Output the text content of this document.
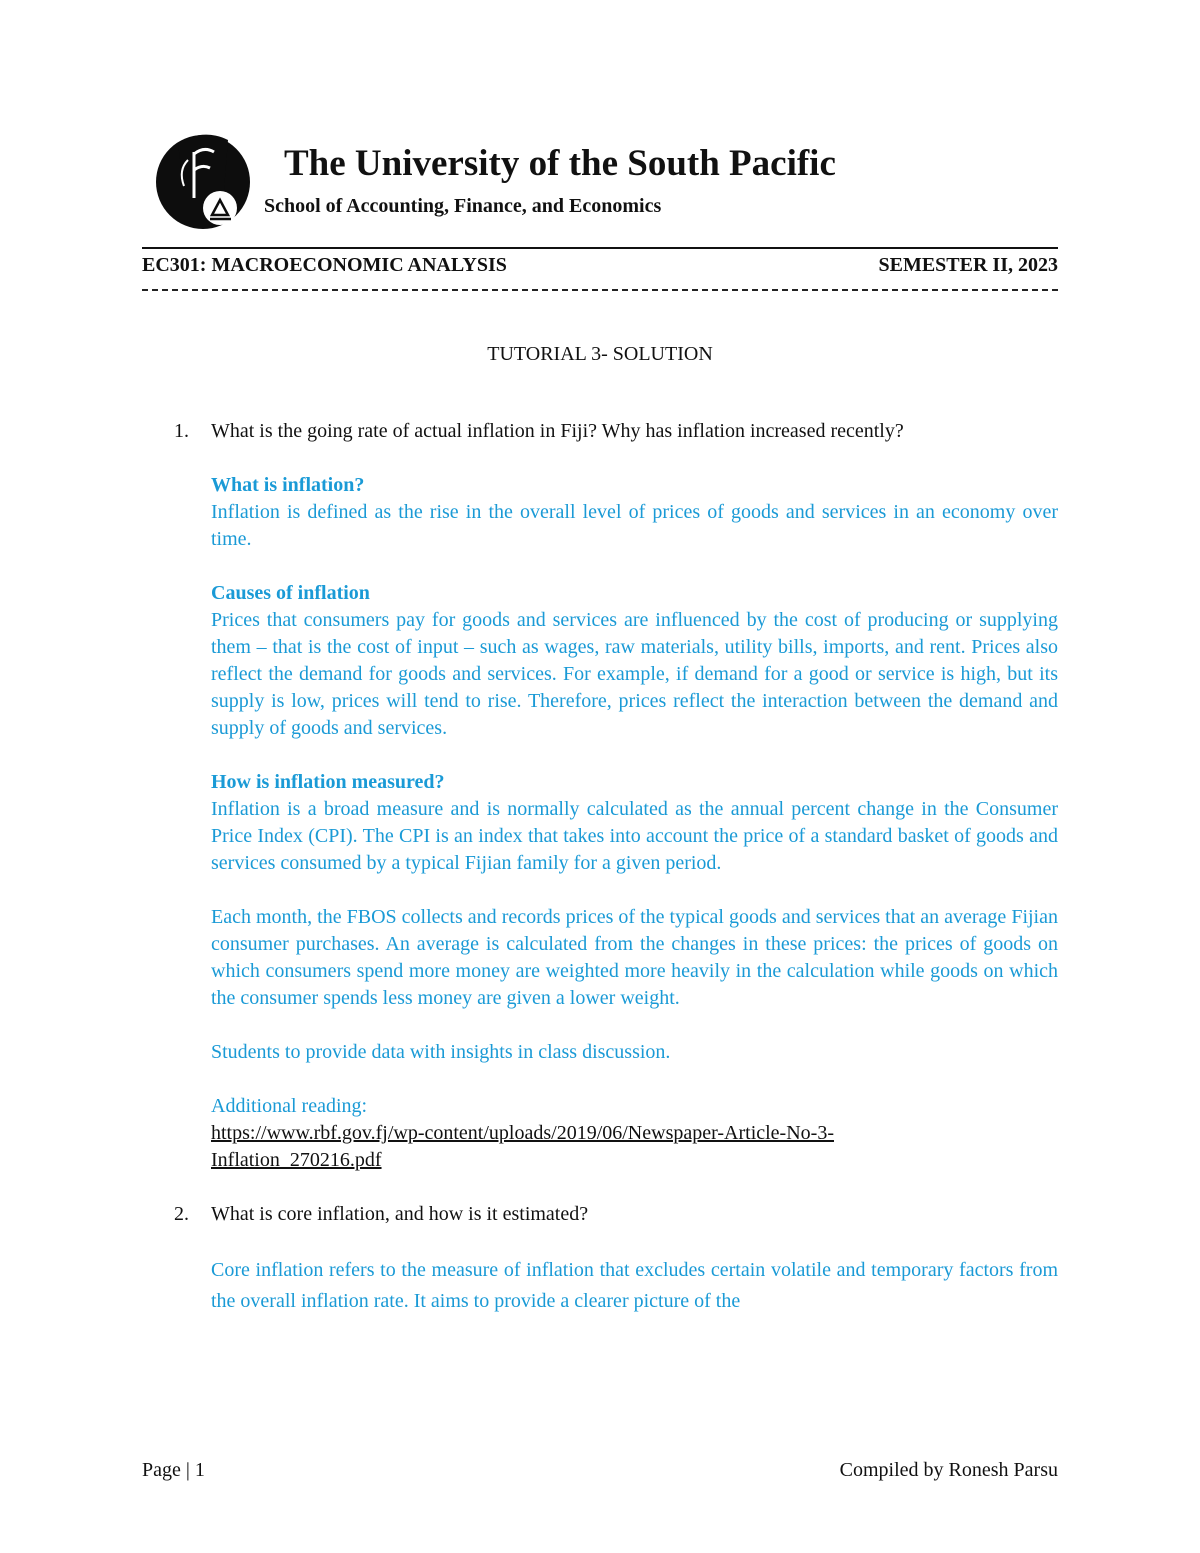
The University of the South Pacific
School of Accounting, Finance, and Economics
EC301: MACROECONOMIC ANALYSIS	SEMESTER II, 2023
TUTORIAL 3- SOLUTION
1. What is the going rate of actual inflation in Fiji? Why has inflation increased recently?
What is inflation?

Inflation is defined as the rise in the overall level of prices of goods and services in an economy over time.

Causes of inflation

Prices that consumers pay for goods and services are influenced by the cost of producing or supplying them – that is the cost of input – such as wages, raw materials, utility bills, imports, and rent. Prices also reflect the demand for goods and services. For example, if demand for a good or service is high, but its supply is low, prices will tend to rise. Therefore, prices reflect the interaction between the demand and supply of goods and services.

How is inflation measured?

Inflation is a broad measure and is normally calculated as the annual percent change in the Consumer Price Index (CPI). The CPI is an index that takes into account the price of a standard basket of goods and services consumed by a typical Fijian family for a given period.

Each month, the FBOS collects and records prices of the typical goods and services that an average Fijian consumer purchases. An average is calculated from the changes in these prices: the prices of goods on which consumers spend more money are weighted more heavily in the calculation while goods on which the consumer spends less money are given a lower weight.

Students to provide data with insights in class discussion.

Additional reading:

https://www.rbf.gov.fj/wp-content/uploads/2019/06/Newspaper-Article-No-3-
Inflation_270216.pdf
2. What is core inflation, and how is it estimated?

Core inflation refers to the measure of inflation that excludes certain volatile and temporary factors from the overall inflation rate. It aims to provide a clearer picture of the

Page | 1	Compiled by Ronesh Parsu
